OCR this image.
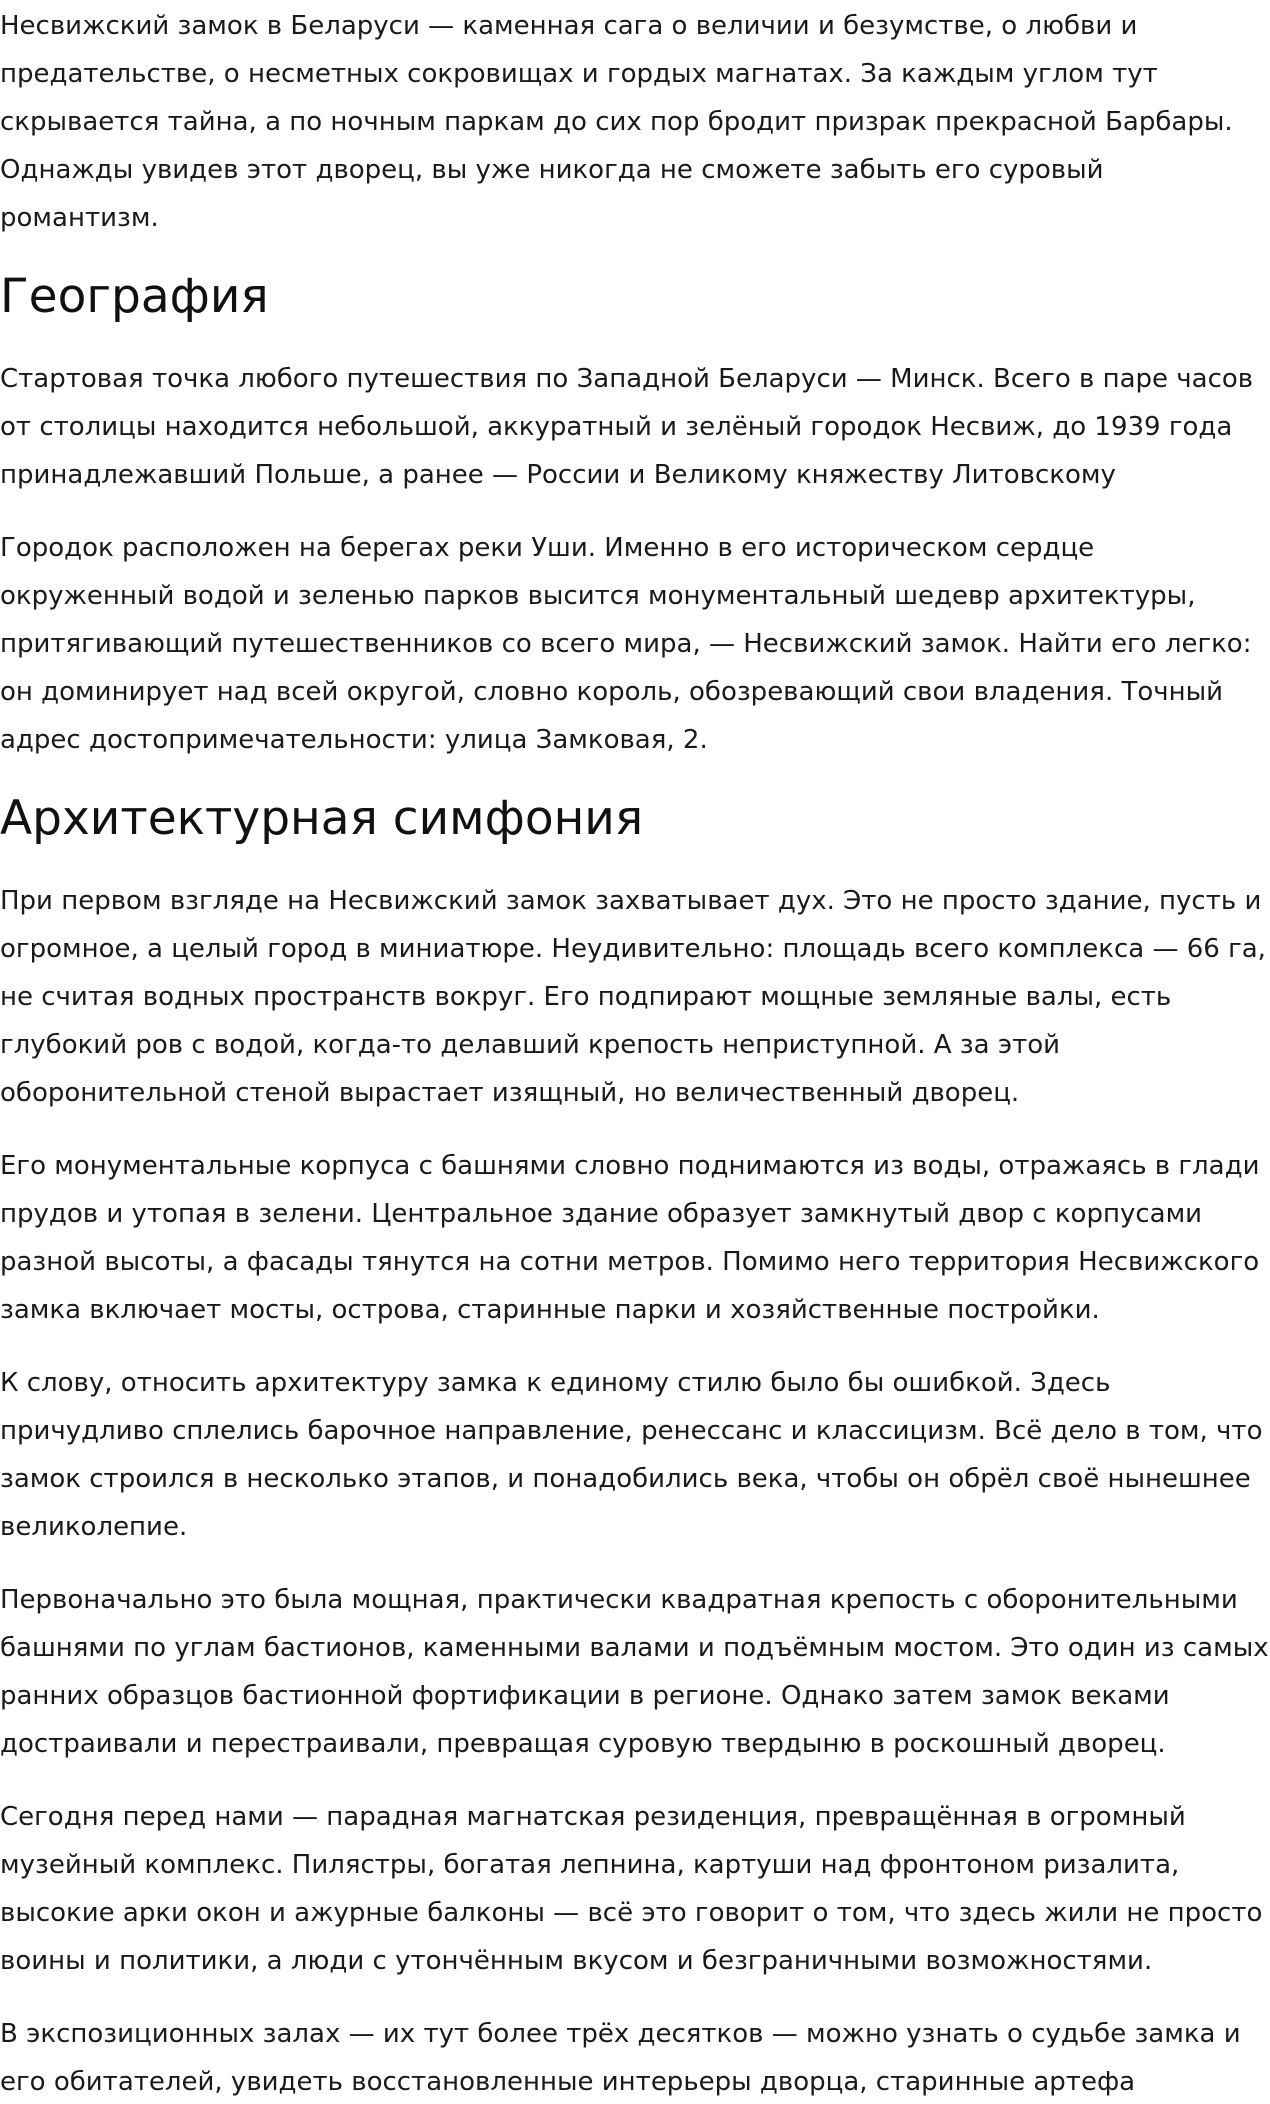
Несвижский замок в Беларуси — каменная сага о величии и безумстве, о любви и предательстве, о несметных сокровищах и гордых магнатах. За каждым углом тут скрывается тайна, а по ночным паркам до сих пор бродит призрак прекрасной Барбары. Однажды увидев этот дворец, вы уже никогда не сможете забыть его суровый романтизм.

География

Стартовая точка любого путешествия по Западной Беларуси — Минск. Всего в паре часов от столицы находится небольшой, аккуратный и зелёный городок Несвиж, до 1939 года принадлежавший Польше, а ранее — России и Великому княжеству Литовскому

Городок расположен на берегах реки Уши. Именно в его историческом сердце окруженный водой и зеленью парков высится монументальный шедевр архитектуры, притягивающий путешественников со всего мира, — Несвижский замок. Найти его легко: он доминирует над всей округой, словно король, обозревающий свои владения. Точный адрес достопримечательности: улица Замковая, 2.

Архитектурная симфония

При первом взгляде на Несвижский замок захватывает дух. Это не просто здание, пусть и огромное, а целый город в миниатюре. Неудивительно: площадь всего комплекса — 66 га, не считая водных пространств вокруг. Его подпирают мощные земляные валы, есть глубокий ров с водой, когда-то делавший крепость неприступной. А за этой оборонительной стеной вырастает изящный, но величественный дворец.

Его монументальные корпуса с башнями словно поднимаются из воды, отражаясь в глади прудов и утопая в зелени. Центральное здание образует замкнутый двор с корпусами разной высоты, а фасады тянутся на сотни метров. Помимо него территория Несвижского замка включает мосты, острова, старинные парки и хозяйственные постройки.

К слову, относить архитектуру замка к единому стилю было бы ошибкой. Здесь причудливо сплелись барочное направление, ренессанс и классицизм. Всё дело в том, что замок строился в несколько этапов, и понадобились века, чтобы он обрёл своё нынешнее великолепие.

Первоначально это была мощная, практически квадратная крепость с оборонительными башнями по углам бастионов, каменными валами и подъёмным мостом. Это один из самых ранних образцов бастионной фортификации в регионе. Однако затем замок веками достраивали и перестраивали, превращая суровую твердыню в роскошный дворец.

Сегодня перед нами — парадная магнатская резиденция, превращённая в огромный музейный комплекс. Пилястры, богатая лепнина, картуши над фронтоном ризалита, высокие арки окон и ажурные балконы — всё это говорит о том, что здесь жили не просто воины и политики, а люди с утончённым вкусом и безграничными возможностями.

В экспозиционных залах — их тут более трёх десятков — можно узнать о судьбе замка и его обитателей, увидеть восстановленные интерьеры дворца, старинные артефа
